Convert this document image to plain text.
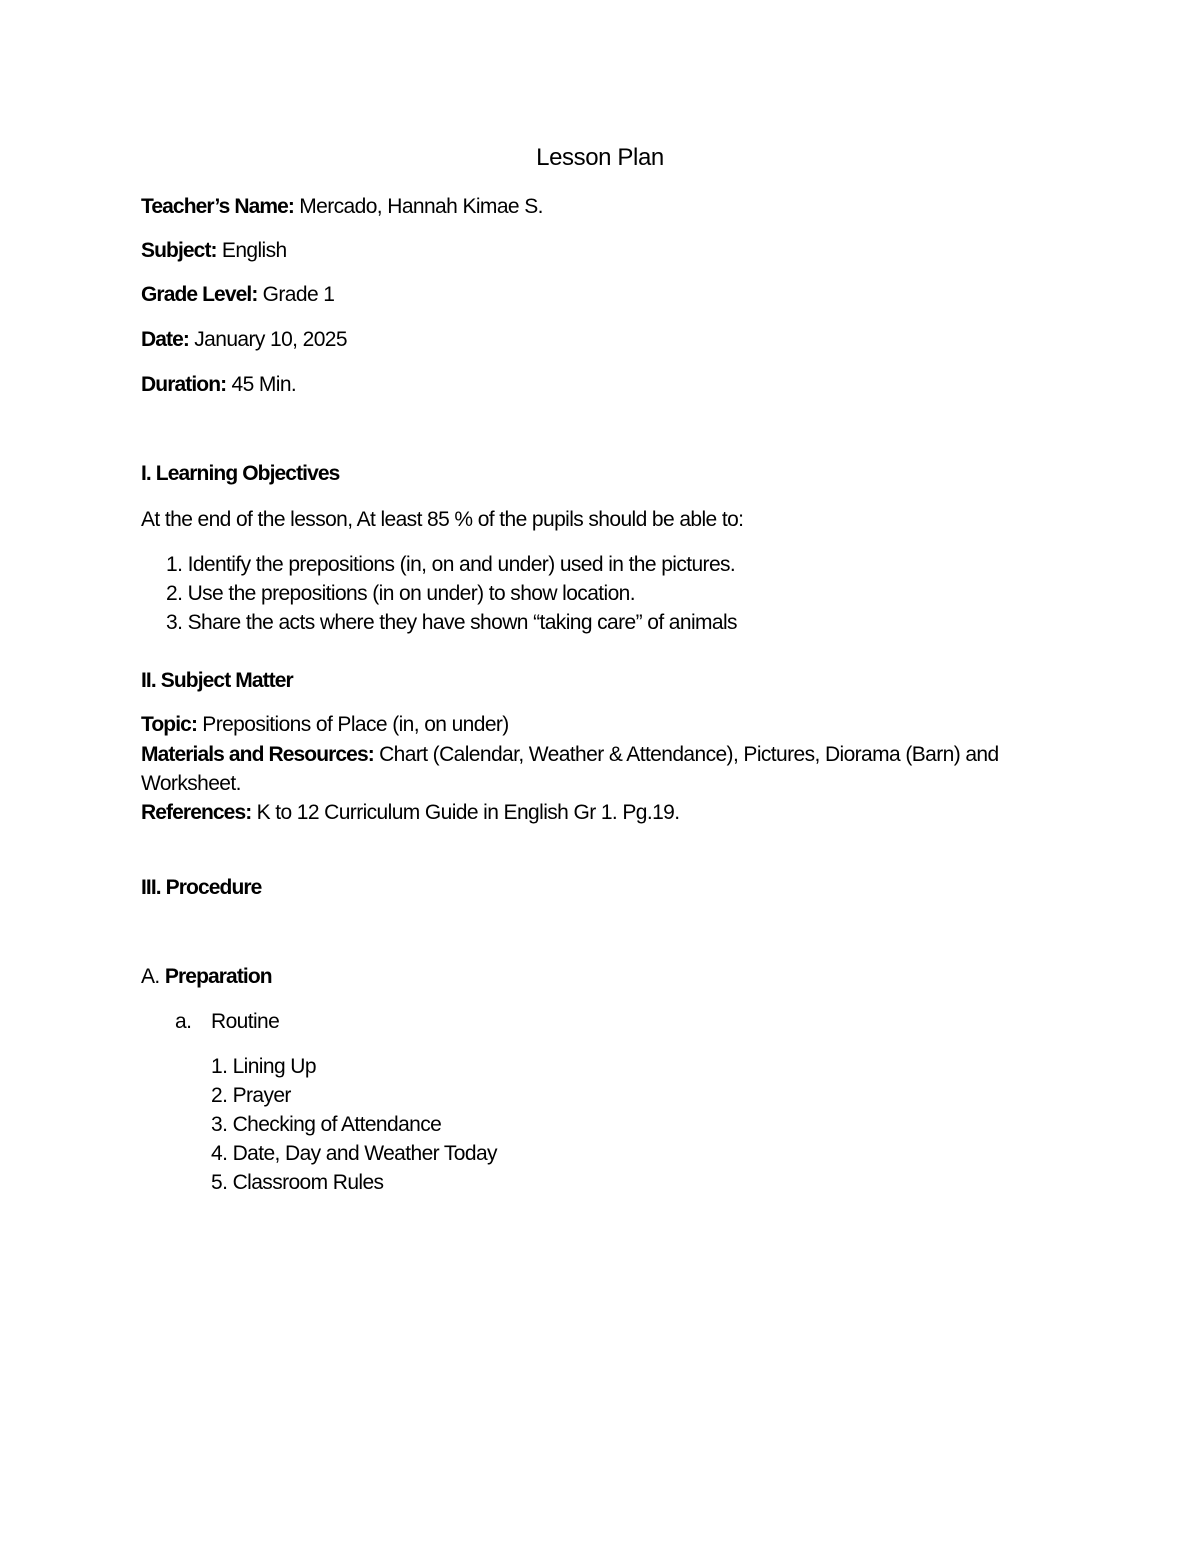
Lesson Plan
Teacher’s Name: Mercado, Hannah Kimae S.
Subject: English
Grade Level: Grade 1
Date: January 10, 2025
Duration: 45 Min.
I. Learning Objectives
At the end of the lesson, At least 85 % of the pupils should be able to:
1. Identify the prepositions (in, on and under) used in the pictures.
2. Use the prepositions (in on under) to show location.
3. Share the acts where they have shown “taking care” of animals
II. Subject Matter
Topic: Prepositions of Place (in, on under)
Materials and Resources: Chart (Calendar, Weather & Attendance), Pictures, Diorama (Barn) and
Worksheet.
References: K to 12 Curriculum Guide in English Gr 1. Pg.19.
III. Procedure
A. Preparation
a. Routine
1. Lining Up
2. Prayer
3. Checking of Attendance
4. Date, Day and Weather Today
5. Classroom Rules
